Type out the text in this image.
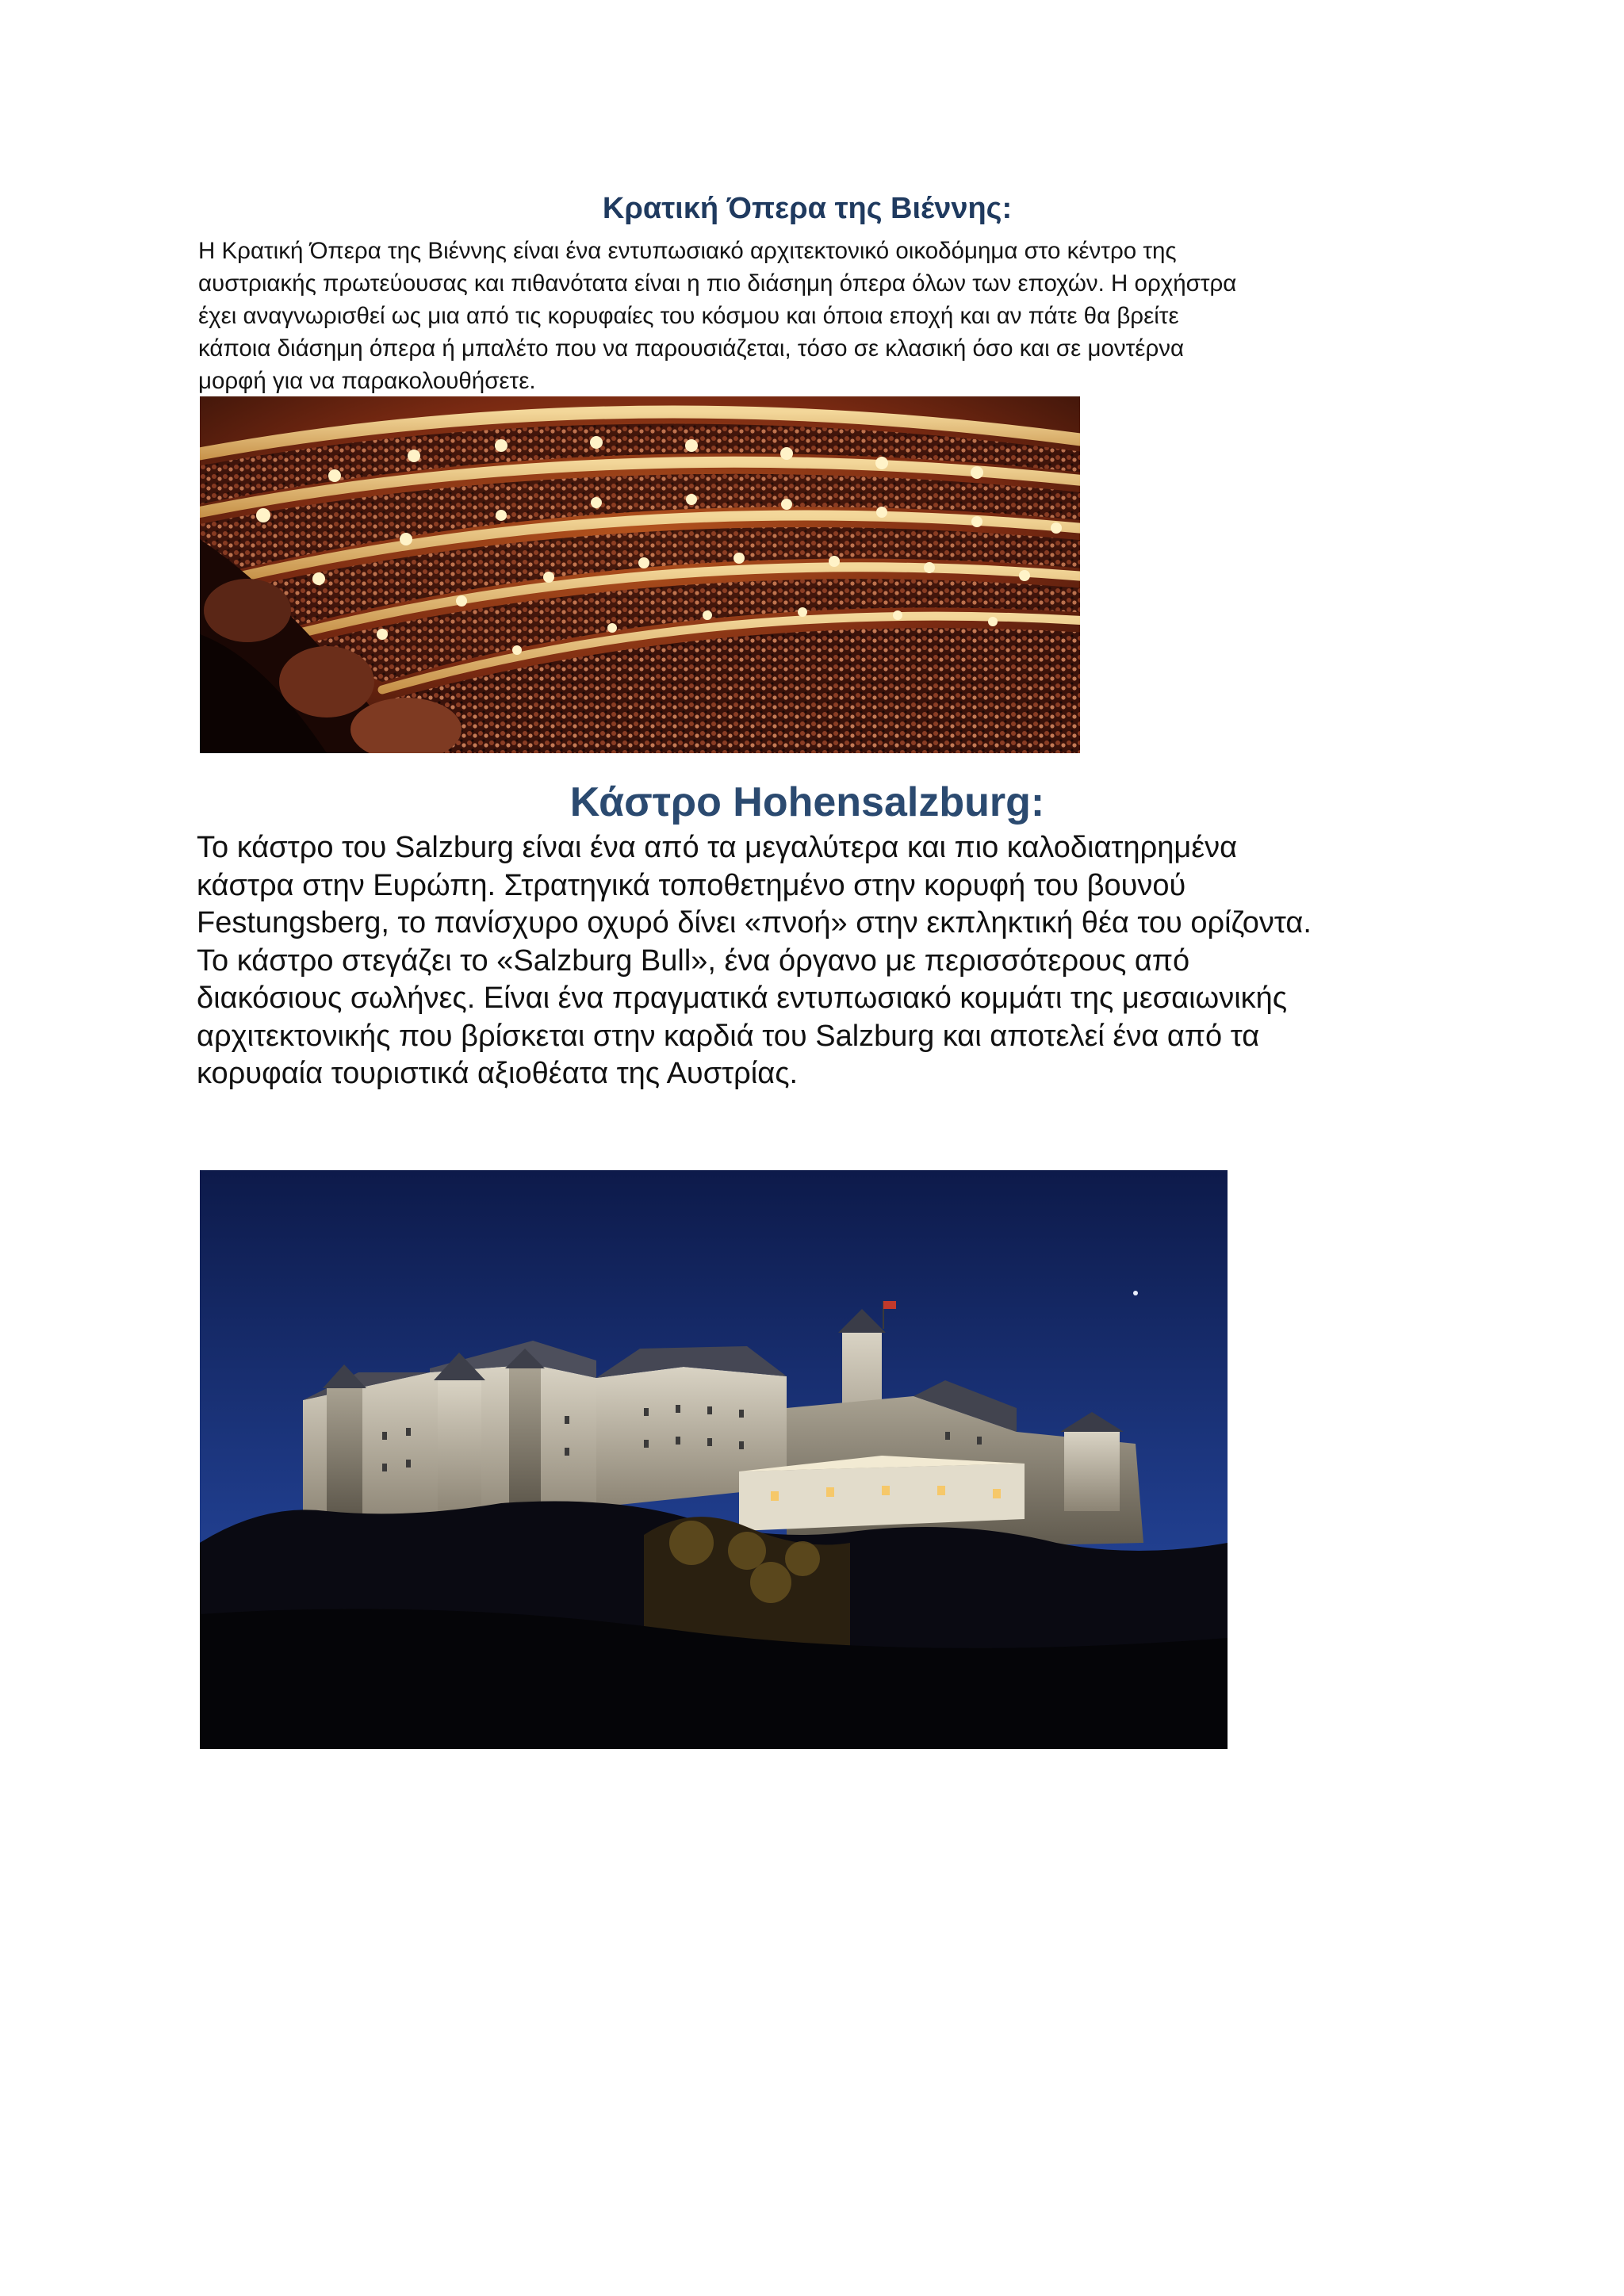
Κρατική Όπερα της Βιέννης:

Η Κρατική Όπερα της Βιέννης είναι ένα εντυπωσιακό αρχιτεκτονικό οικοδόμημα στο κέντρο της
αυστριακής πρωτεύουσας και πιθανότατα είναι η πιο διάσημη όπερα όλων των εποχών. Η ορχήστρα
έχει αναγνωρισθεί ως μια από τις κορυφαίες του κόσμου και όποια εποχή και αν πάτε θα βρείτε
κάποια διάσημη όπερα ή μπαλέτο που να παρουσιάζεται, τόσο σε κλασική όσο και σε μοντέρνα
μορφή για να παρακολουθήσετε.

Κάστρο Hohensalzburg:

Το κάστρο του Salzburg είναι ένα από τα μεγαλύτερα και πιο καλοδιατηρημένα
κάστρα στην Ευρώπη. Στρατηγικά τοποθετημένο στην κορυφή του βουνού
Festungsberg, το πανίσχυρο οχυρό δίνει «πνοή» στην εκπληκτική θέα του ορίζοντα.
Το κάστρο στεγάζει το «Salzburg Bull», ένα όργανο με περισσότερους από
διακόσιους σωλήνες. Είναι ένα πραγματικά εντυπωσιακό κομμάτι της μεσαιωνικής
αρχιτεκτονικής που βρίσκεται στην καρδιά του Salzburg και αποτελεί ένα από τα
κορυφαία τουριστικά αξιοθέατα της Αυστρίας.
